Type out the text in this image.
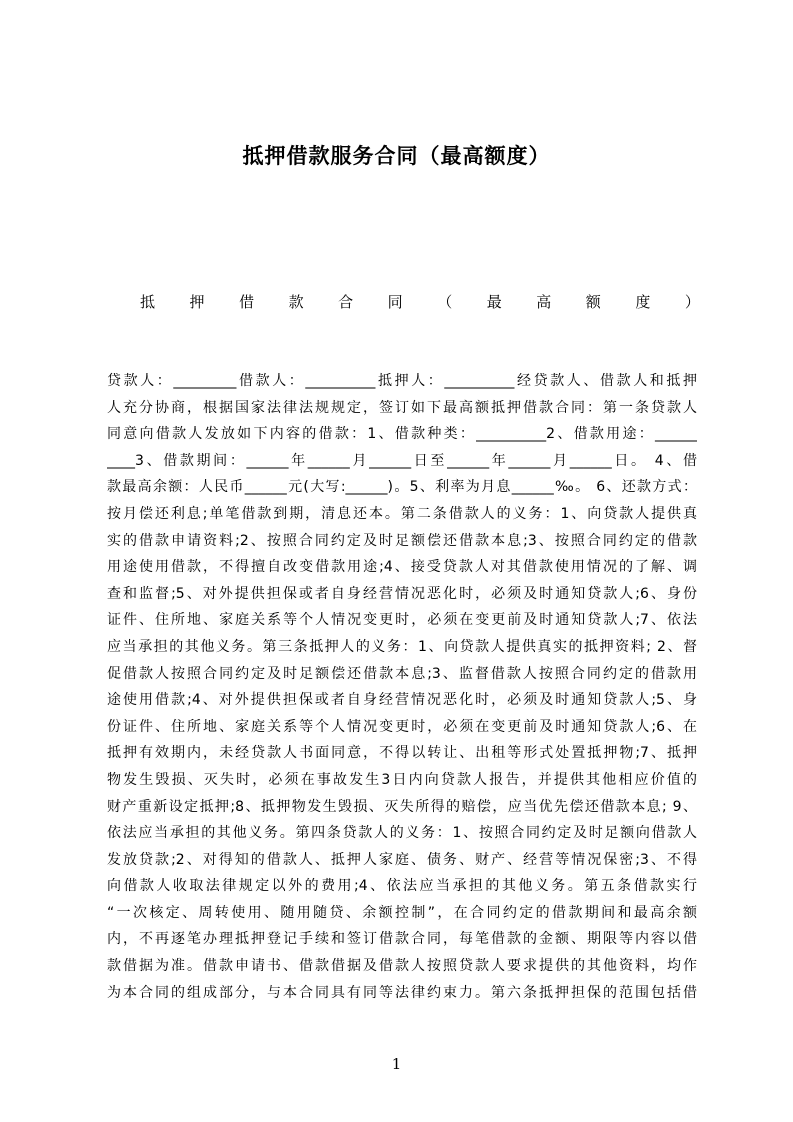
抵押借款服务合同（最高额度）
抵 押 借 款 合 同 （ 最 高 额 度 ）
贷款人：_________借款人：__________抵押人：__________经贷款人、借款人和抵押
人充分协商，根据国家法律法规规定，签订如下最高额抵押借款合同：第一条贷款人
同意向借款人发放如下内容的借款：1、借款种类：__________2、借款用途：______
____3、借款期间：______年______月______日至______年______月______日。 4、借
款最高余额：人民币______元(大写:______)。5、利率为月息______‰。 6、还款方式：
按月偿还利息;单笔借款到期，清息还本。第二条借款人的义务：1、向贷款人提供真
实的借款申请资料;2、按照合同约定及时足额偿还借款本息;3、按照合同约定的借款
用途使用借款，不得擅自改变借款用途;4、接受贷款人对其借款使用情况的了解、调
查和监督;5、对外提供担保或者自身经营情况恶化时，必须及时通知贷款人;6、身份
证件、住所地、家庭关系等个人情况变更时，必须在变更前及时通知贷款人;7、依法
应当承担的其他义务。第三条抵押人的义务：1、向贷款人提供真实的抵押资料; 2、督
促借款人按照合同约定及时足额偿还借款本息;3、监督借款人按照合同约定的借款用
途使用借款;4、对外提供担保或者自身经营情况恶化时，必须及时通知贷款人;5、身
份证件、住所地、家庭关系等个人情况变更时，必须在变更前及时通知贷款人;6、在
抵押有效期内，未经贷款人书面同意，不得以转让、出租等形式处置抵押物;7、抵押
物发生毁损、灭失时，必须在事故发生3日内向贷款人报告，并提供其他相应价值的
财产重新设定抵押;8、抵押物发生毁损、灭失所得的赔偿，应当优先偿还借款本息; 9、
依法应当承担的其他义务。第四条贷款人的义务：1、按照合同约定及时足额向借款人
发放贷款;2、对得知的借款人、抵押人家庭、债务、财产、经营等情况保密;3、不得
向借款人收取法律规定以外的费用;4、依法应当承担的其他义务。第五条借款实行
“一次核定、周转使用、随用随贷、余额控制”，在合同约定的借款期间和最高余额
内，不再逐笔办理抵押登记手续和签订借款合同，每笔借款的金额、期限等内容以借
款借据为准。借款申请书、借款借据及借款人按照贷款人要求提供的其他资料，均作
为本合同的组成部分，与本合同具有同等法律约束力。第六条抵押担保的范围包括借
1
